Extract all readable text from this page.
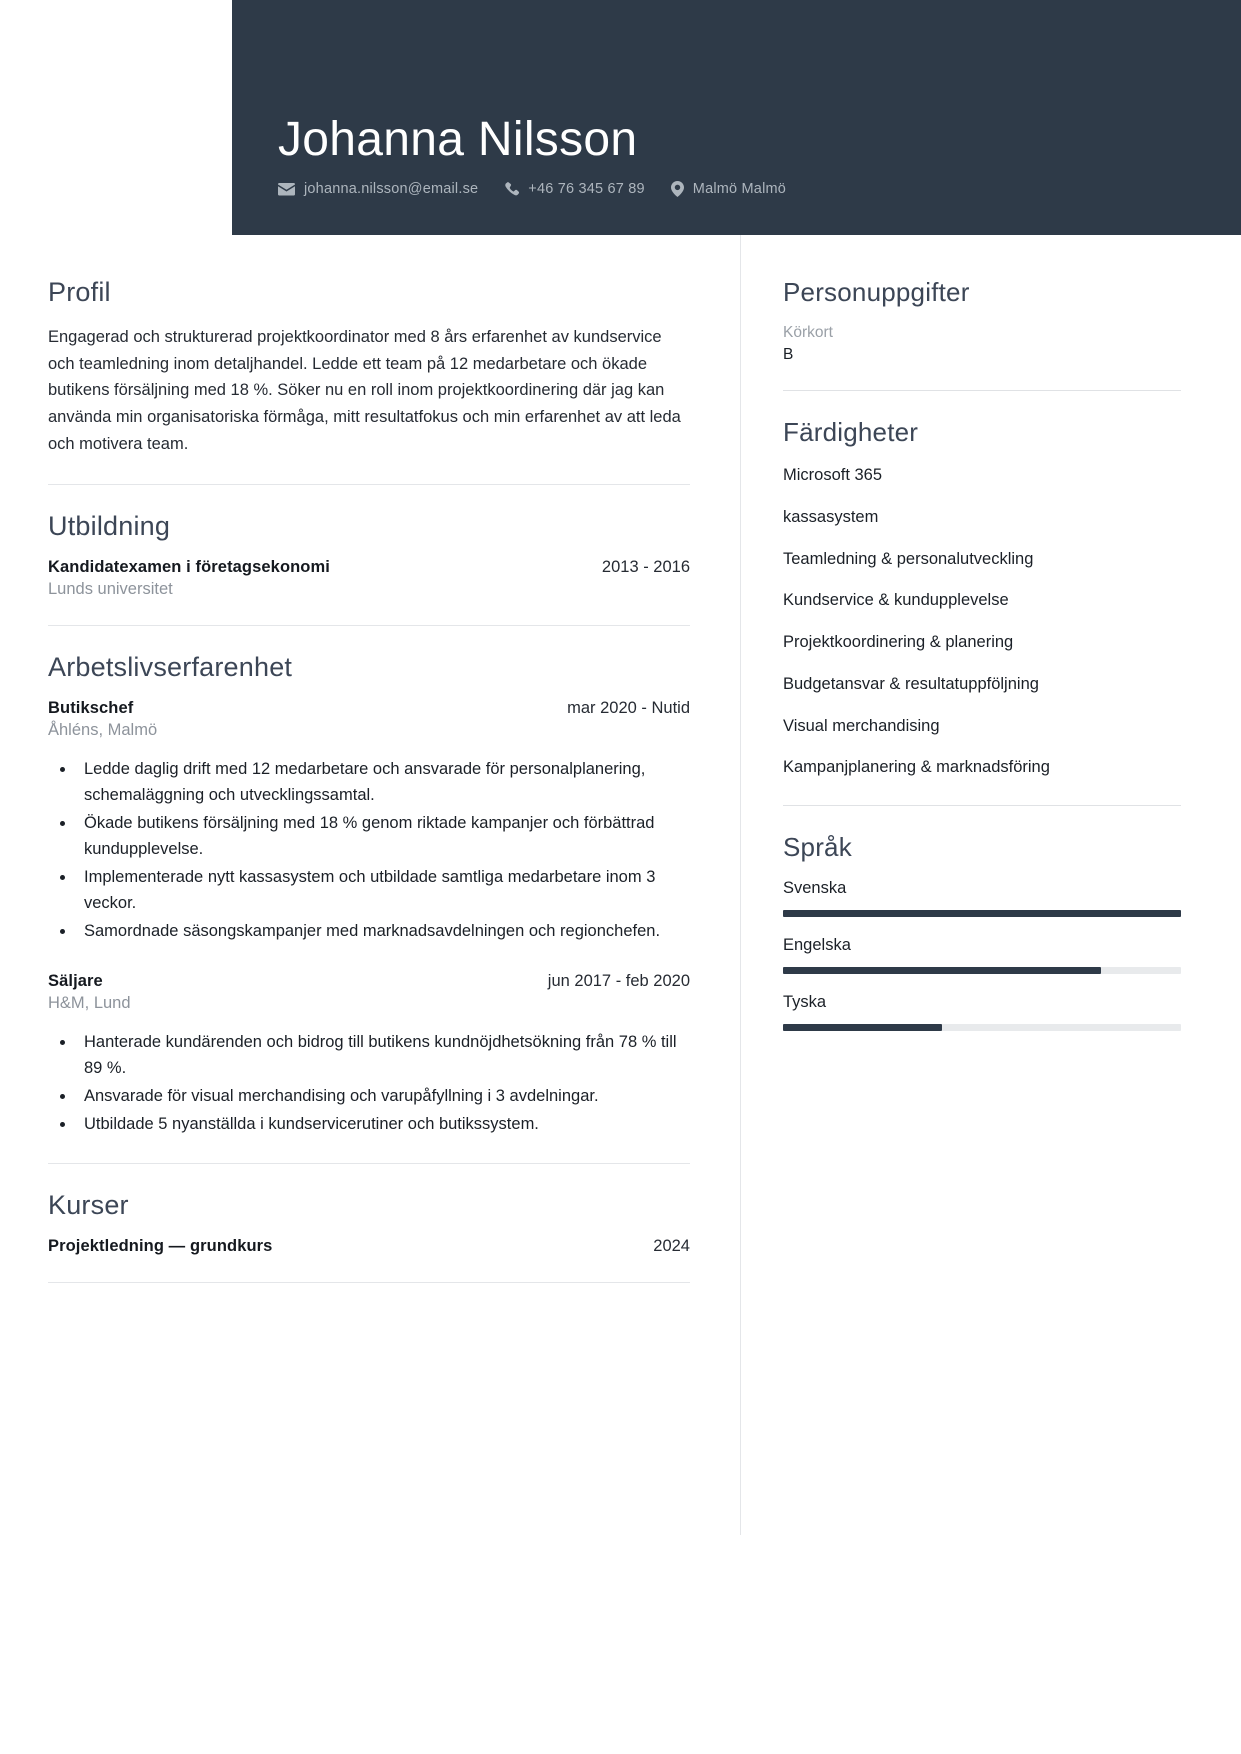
Johanna Nilsson
johanna.nilsson@email.se	+46 76 345 67 89	Malmö Malmö
Profil
Engagerad och strukturerad projektkoordinator med 8 års erfarenhet av kundservice och teamledning inom detaljhandel. Ledde ett team på 12 medarbetare och ökade butikens försäljning med 18 %. Söker nu en roll inom projektkoordinering där jag kan använda min organisatoriska förmåga, mitt resultatfokus och min erfarenhet av att leda och motivera team.
Utbildning
Kandidatexamen i företagsekonomi	2013 - 2016
Lunds universitet
Arbetslivserfarenhet
Butikschef	mar 2020 - Nutid
Åhléns, Malmö
• Ledde daglig drift med 12 medarbetare och ansvarade för personalplanering, schemaläggning och utvecklingssamtal.
• Ökade butikens försäljning med 18 % genom riktade kampanjer och förbättrad kundupplevelse.
• Implementerade nytt kassasystem och utbildade samtliga medarbetare inom 3 veckor.
• Samordnade säsongskampanjer med marknadsavdelningen och regionchefen.
Säljare	jun 2017 - feb 2020
H&M, Lund
• Hanterade kundärenden och bidrog till butikens kundnöjdhetsökning från 78 % till 89 %.
• Ansvarade för visual merchandising och varupåfyllning i 3 avdelningar.
• Utbildade 5 nyanställda i kundservicerutiner och butikssystem.
Kurser
Projektledning — grundkurs	2024
Personuppgifter
Körkort
B
Färdigheter
Microsoft 365
kassasystem
Teamledning & personalutveckling
Kundservice & kundupplevelse
Projektkoordinering & planering
Budgetansvar & resultatuppföljning
Visual merchandising
Kampanjplanering & marknadsföring
Språk
Svenska
Engelska
Tyska
